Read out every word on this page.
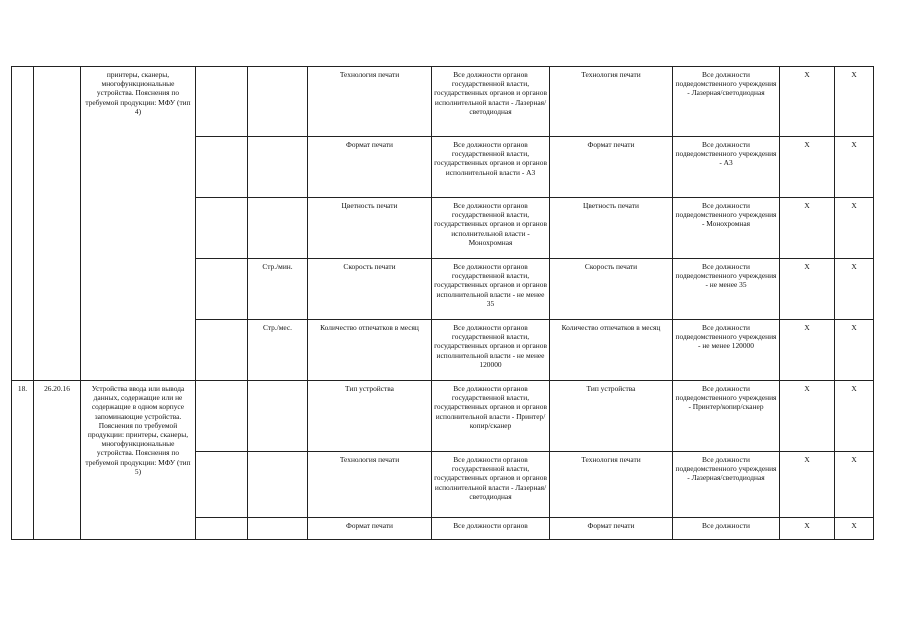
		принтеры, сканеры, многофункциональные устройства. Пояснения по требуемой продукции: МФУ (тип 4)			Технология печати	Все должности органов государственной власти, государственных органов и органов исполнительной власти - Лазерная/ светодиодная	Технология печати	Все должности подведомственного учреждения - Лазерная/светодиодная	X	X
					Формат печати	Все должности органов государственной власти, государственных органов и органов исполнительной власти - А3	Формат печати	Все должности подведомственного учреждения - А3	X	X
					Цветность печати	Все должности органов государственной власти, государственных органов и органов исполнительной власти - Монохромная	Цветность печати	Все должности подведомственного учреждения - Монохромная	X	X
				Стр./мин.	Скорость печати	Все должности органов государственной власти, государственных органов и органов исполнительной власти - не менее 35	Скорость печати	Все должности подведомственного учреждения - не менее 35	X	X
				Стр./мес.	Количество отпечатков в месяц	Все должности органов государственной власти, государственных органов и органов исполнительной власти - не менее 120000	Количество отпечатков в месяц	Все должности подведомственного учреждения - не менее 120000	X	X
18.	26.20.16	Устройства ввода или вывода данных, содержащие или не содержащие в одном корпусе запоминающие устройства. Пояснения по требуемой продукции: принтеры, сканеры, многофункциональные устройства. Пояснения по требуемой продукции: МФУ (тип 5)			Тип устройства	Все должности органов государственной власти, государственных органов и органов исполнительной власти - Принтер/копир/сканер	Тип устройства	Все должности подведомственного учреждения - Принтер/копир/сканер	X	X
					Технология печати	Все должности органов государственной власти, государственных органов и органов исполнительной власти - Лазерная/ светодиодная	Технология печати	Все должности подведомственного учреждения - Лазерная/светодиодная	X	X
					Формат печати	Все должности органов	Формат печати	Все должности	X	X
